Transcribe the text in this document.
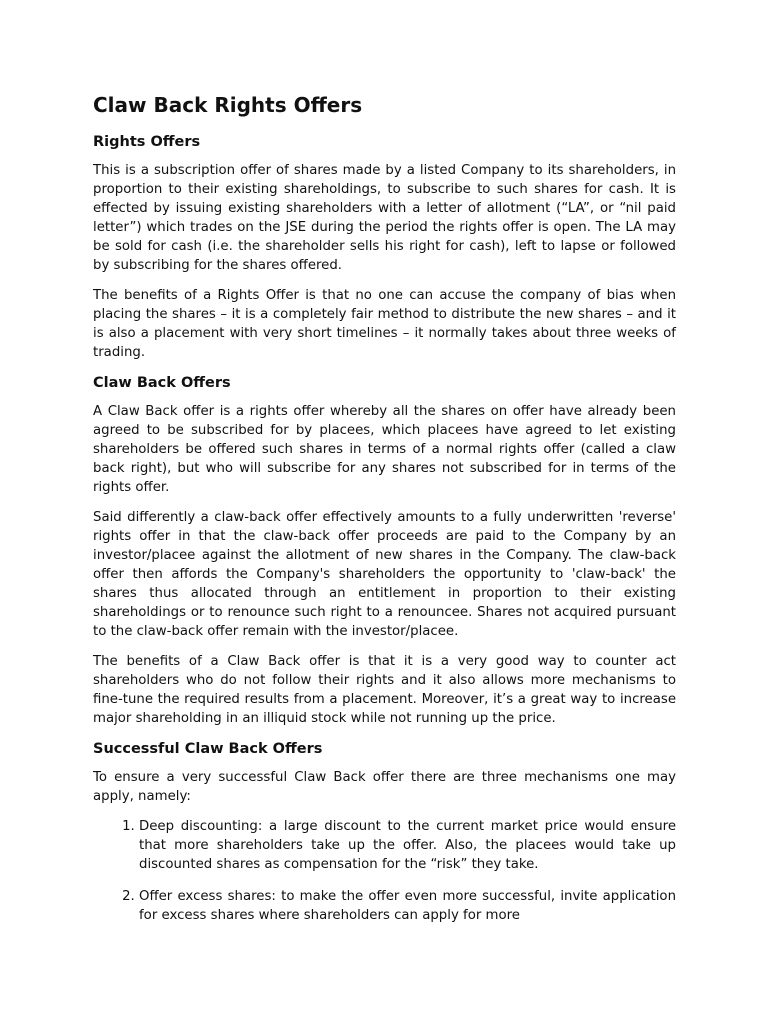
Claw Back Rights Offers
Rights Offers

This is a subscription offer of shares made by a listed Company to its shareholders, in proportion to their existing shareholdings, to subscribe to such shares for cash. It is effected by issuing existing shareholders with a letter of allotment (“LA”, or “nil paid letter”) which trades on the JSE during the period the rights offer is open. The LA may be sold for cash (i.e. the shareholder sells his right for cash), left to lapse or followed by subscribing for the shares offered.

The benefits of a Rights Offer is that no one can accuse the company of bias when placing the shares – it is a completely fair method to distribute the new shares – and it is also a placement with very short timelines – it normally takes about three weeks of trading.

Claw Back Offers

A Claw Back offer is a rights offer whereby all the shares on offer have already been agreed to be subscribed for by placees, which placees have agreed to let existing shareholders be offered such shares in terms of a normal rights offer (called a claw back right), but who will subscribe for any shares not subscribed for in terms of the rights offer.

Said differently a claw-back offer effectively amounts to a fully underwritten 'reverse' rights offer in that the claw-back offer proceeds are paid to the Company by an investor/placee against the allotment of new shares in the Company. The claw-back offer then affords the Company's shareholders the opportunity to 'claw-back' the shares thus allocated through an entitlement in proportion to their existing shareholdings or to renounce such right to a renouncee. Shares not acquired pursuant to the claw-back offer remain with the investor/placee.

The benefits of a Claw Back offer is that it is a very good way to counter act shareholders who do not follow their rights and it also allows more mechanisms to fine-tune the required results from a placement. Moreover, it’s a great way to increase major shareholding in an illiquid stock while not running up the price.

Successful Claw Back Offers

To ensure a very successful Claw Back offer there are three mechanisms one may apply, namely:

1. Deep discounting: a large discount to the current market price would ensure that more shareholders take up the offer. Also, the placees would take up discounted shares as compensation for the “risk” they take.
2. Offer excess shares: to make the offer even more successful, invite application for excess shares where shareholders can apply for more
